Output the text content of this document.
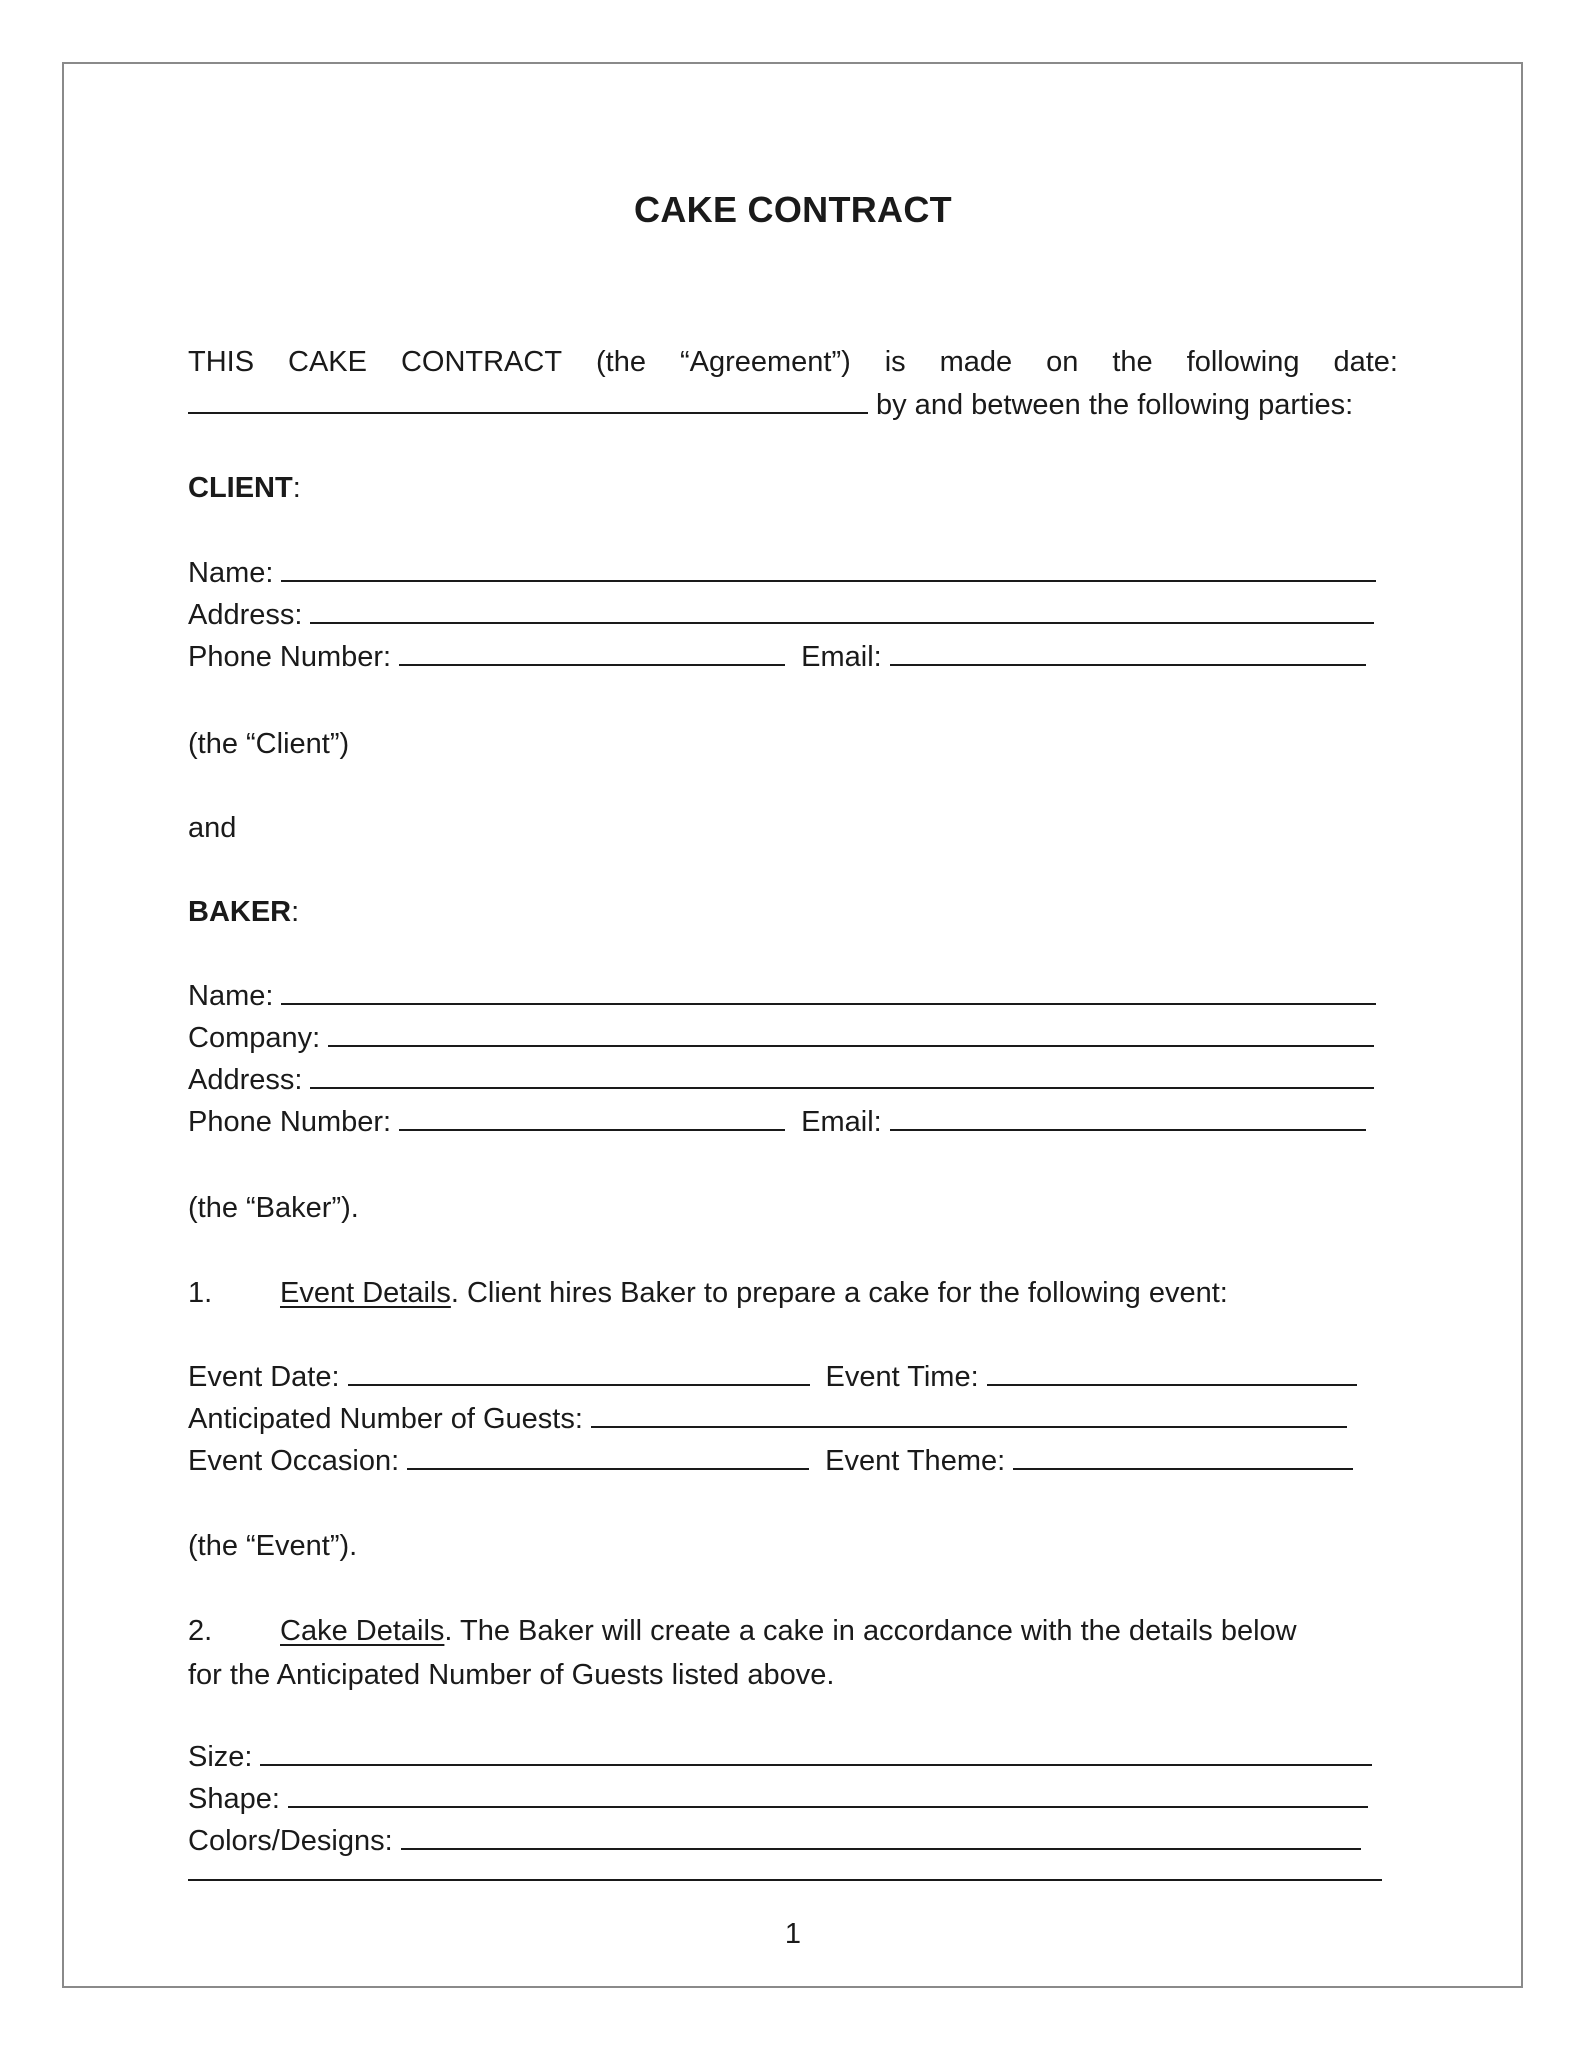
CAKE CONTRACT
THIS CAKE CONTRACT (the “Agreement”) is made on the following date:
by and between the following parties:
CLIENT:
Name:
Address:
Phone Number:	Email:
(the “Client”)
and
BAKER:
Name:
Company:
Address:
Phone Number:	Email:
(the “Baker”).
1. Event Details. Client hires Baker to prepare a cake for the following event:
Event Date:	Event Time:
Anticipated Number of Guests:
Event Occasion:	Event Theme:
(the “Event”).
2. Cake Details. The Baker will create a cake in accordance with the details below
for the Anticipated Number of Guests listed above.
Size:
Shape:
Colors/Designs:
1
